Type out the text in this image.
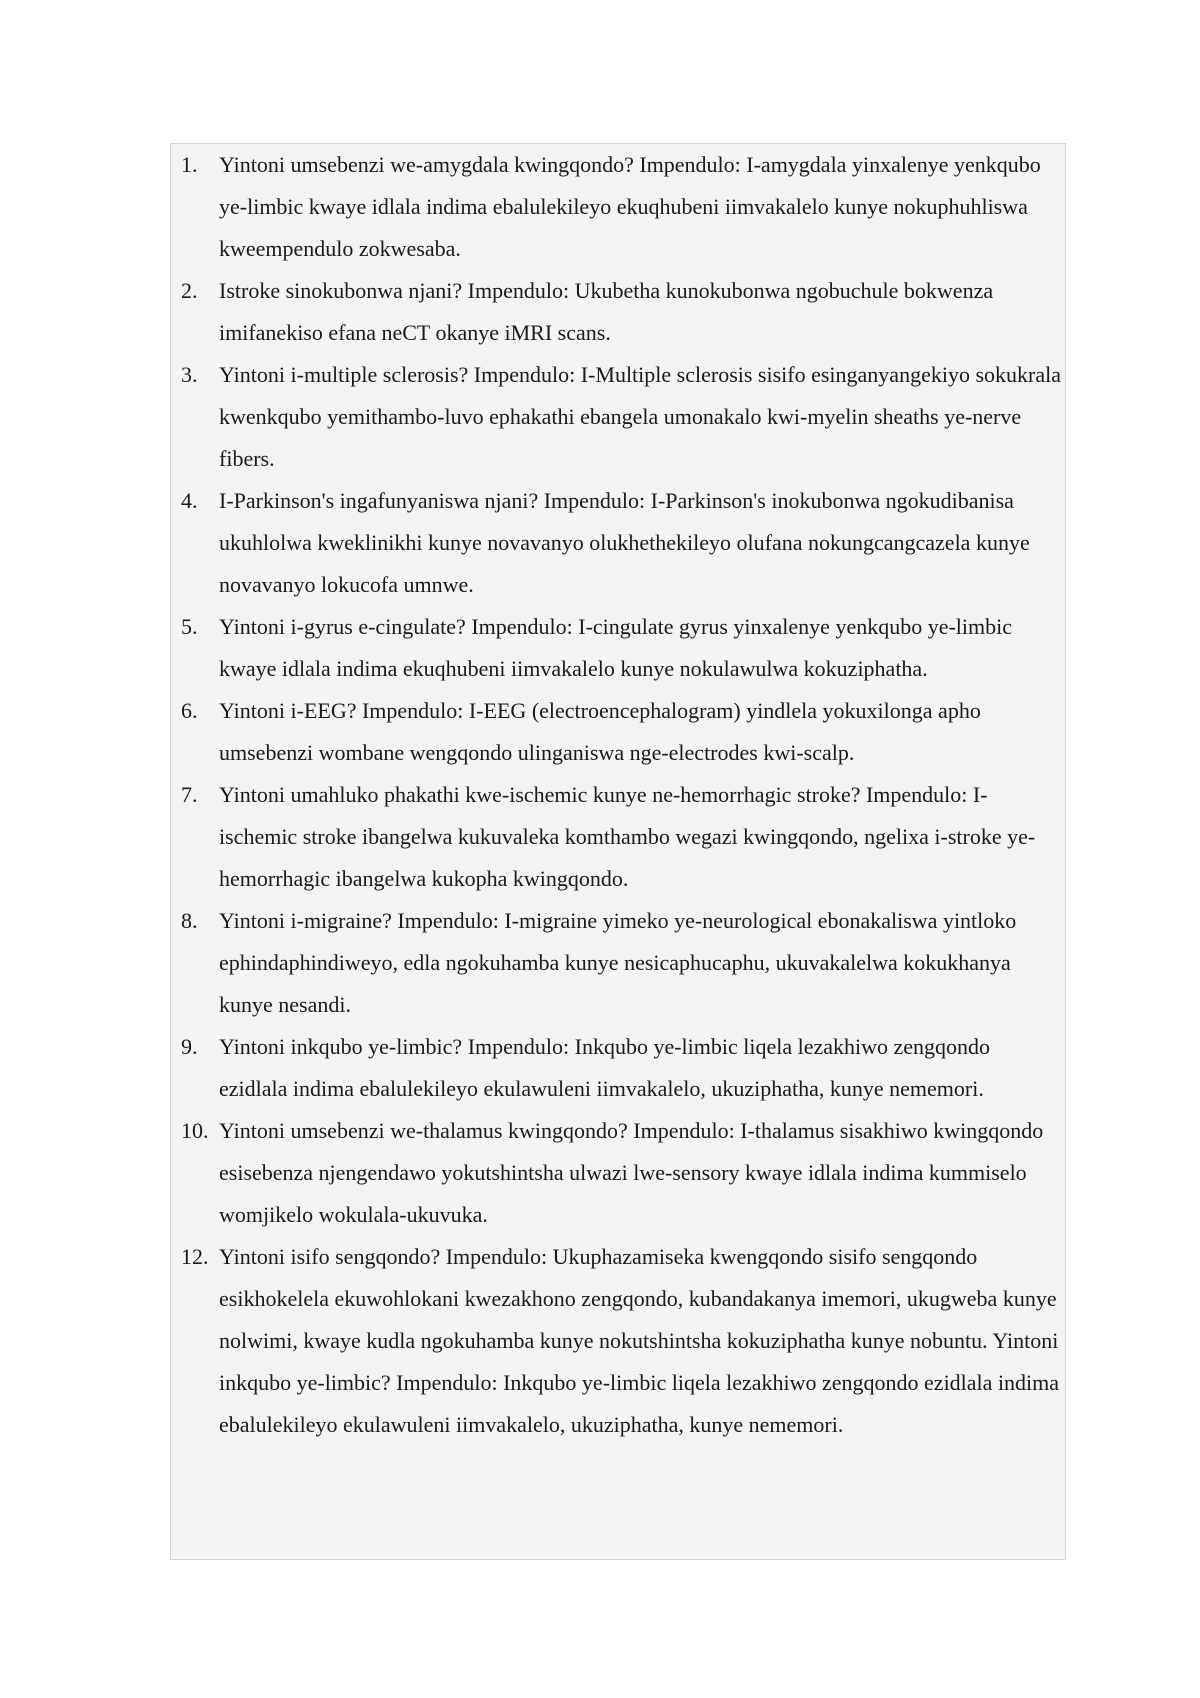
1. Yintoni umsebenzi we-amygdala kwingqondo? Impendulo: I-amygdala yinxalenye yenkqubo ye-limbic kwaye idlala indima ebalulekileyo ekuqhubeni iimvakalelo kunye nokuphuhliswa kweempendulo zokwesaba.
2. Istroke sinokubonwa njani? Impendulo: Ukubetha kunokubonwa ngobuchule bokwenza imifanekiso efana neCT okanye iMRI scans.
3. Yintoni i-multiple sclerosis? Impendulo: I-Multiple sclerosis sisifo esinganyangekiyo sokukrala kwenkqubo yemithambo-luvo ephakathi ebangela umonakalo kwi-myelin sheaths ye-nerve fibers.
4. I-Parkinson's ingafunyaniswa njani? Impendulo: I-Parkinson's inokubonwa ngokudibanisa ukuhlolwa kweklinikhi kunye novavanyo olukhethekileyo olufana nokungcangcazela kunye novavanyo lokucofa umnwe.
5. Yintoni i-gyrus e-cingulate? Impendulo: I-cingulate gyrus yinxalenye yenkqubo ye-limbic kwaye idlala indima ekuqhubeni iimvakalelo kunye nokulawulwa kokuziphatha.
6. Yintoni i-EEG? Impendulo: I-EEG (electroencephalogram) yindlela yokuxilonga apho umsebenzi wombane wengqondo ulinganiswa nge-electrodes kwi-scalp.
7. Yintoni umahluko phakathi kwe-ischemic kunye ne-hemorrhagic stroke? Impendulo: I-ischemic stroke ibangelwa kukuvaleka komthambo wegazi kwingqondo, ngelixa i-stroke ye-hemorrhagic ibangelwa kukopha kwingqondo.
8. Yintoni i-migraine? Impendulo: I-migraine yimeko ye-neurological ebonakaliswa yintloko ephindaphindiweyo, edla ngokuhamba kunye nesicaphucaphu, ukuvakalelwa kokukhanya kunye nesandi.
9. Yintoni inkqubo ye-limbic? Impendulo: Inkqubo ye-limbic liqela lezakhiwo zengqondo ezidlala indima ebalulekileyo ekulawuleni iimvakalelo, ukuziphatha, kunye nememori.
10. Yintoni umsebenzi we-thalamus kwingqondo? Impendulo: I-thalamus sisakhiwo kwingqondo esisebenza njengendawo yokutshintsha ulwazi lwe-sensory kwaye idlala indima kummiselo womjikelo wokulala-ukuvuka.
12. Yintoni isifo sengqondo? Impendulo: Ukuphazamiseka kwengqondo sisifo sengqondo esikhokelela ekuwohlokani kwezakhono zengqondo, kubandakanya imemori, ukugweba kunye nolwimi, kwaye kudla ngokuhamba kunye nokutshintsha kokuziphatha kunye nobuntu. Yintoni inkqubo ye-limbic? Impendulo: Inkqubo ye-limbic liqela lezakhiwo zengqondo ezidlala indima ebalulekileyo ekulawuleni iimvakalelo, ukuziphatha, kunye nememori.
